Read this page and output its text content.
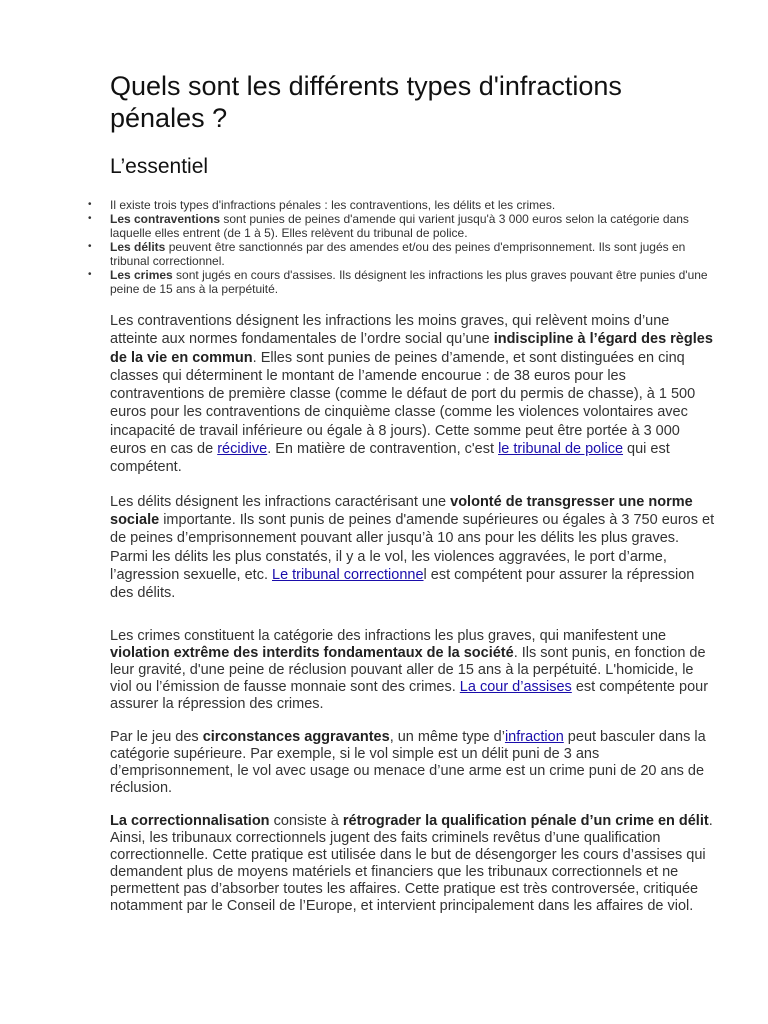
Quels sont les différents types d'infractions pénales ?
L’essentiel
• Il existe trois types d'infractions pénales : les contraventions, les délits et les crimes.
• Les contraventions sont punies de peines d'amende qui varient jusqu'à 3 000 euros selon la catégorie dans laquelle elles entrent (de 1 à 5). Elles relèvent du tribunal de police.
• Les délits peuvent être sanctionnés par des amendes et/ou des peines d'emprisonnement. Ils sont jugés en tribunal correctionnel.
• Les crimes sont jugés en cours d'assises. Ils désignent les infractions les plus graves pouvant être punies d'une peine de 15 ans à la perpétuité.

Les contraventions désignent les infractions les moins graves, qui relèvent moins d’une atteinte aux normes fondamentales de l’ordre social qu’une indiscipline à l’égard des règles de la vie en commun. Elles sont punies de peines d’amende, et sont distinguées en cinq classes qui déterminent le montant de l’amende encourue : de 38 euros pour les contraventions de première classe (comme le défaut de port du permis de chasse), à 1 500 euros pour les contraventions de cinquième classe (comme les violences volontaires avec incapacité de travail inférieure ou égale à 8 jours). Cette somme peut être portée à 3 000 euros en cas de récidive. En matière de contravention, c'est le tribunal de police qui est compétent.

Les délits désignent les infractions caractérisant une volonté de transgresser une norme sociale importante. Ils sont punis de peines d'amende supérieures ou égales à 3 750 euros et de peines d’emprisonnement pouvant aller jusqu’à 10 ans pour les délits les plus graves. Parmi les délits les plus constatés, il y a le vol, les violences aggravées, le port d’arme, l’agression sexuelle, etc. Le tribunal correctionnel est compétent pour assurer la répression des délits.

Les crimes constituent la catégorie des infractions les plus graves, qui manifestent une violation extrême des interdits fondamentaux de la société. Ils sont punis, en fonction de leur gravité, d'une peine de réclusion pouvant aller de 15 ans à la perpétuité. L'homicide, le viol ou l’émission de fausse monnaie sont des crimes. La cour d’assises est compétente pour assurer la répression des crimes.

Par le jeu des circonstances aggravantes, un même type d’infraction peut basculer dans la catégorie supérieure. Par exemple, si le vol simple est un délit puni de 3 ans d’emprisonnement, le vol avec usage ou menace d’une arme est un crime puni de 20 ans de réclusion.

La correctionnalisation consiste à rétrograder la qualification pénale d’un crime en délit. Ainsi, les tribunaux correctionnels jugent des faits criminels revêtus d’une qualification correctionnelle. Cette pratique est utilisée dans le but de désengorger les cours d’assises qui demandent plus de moyens matériels et financiers que les tribunaux correctionnels et ne permettent pas d’absorber toutes les affaires. Cette pratique est très controversée, critiquée notamment par le Conseil de l’Europe, et intervient principalement dans les affaires de viol.
